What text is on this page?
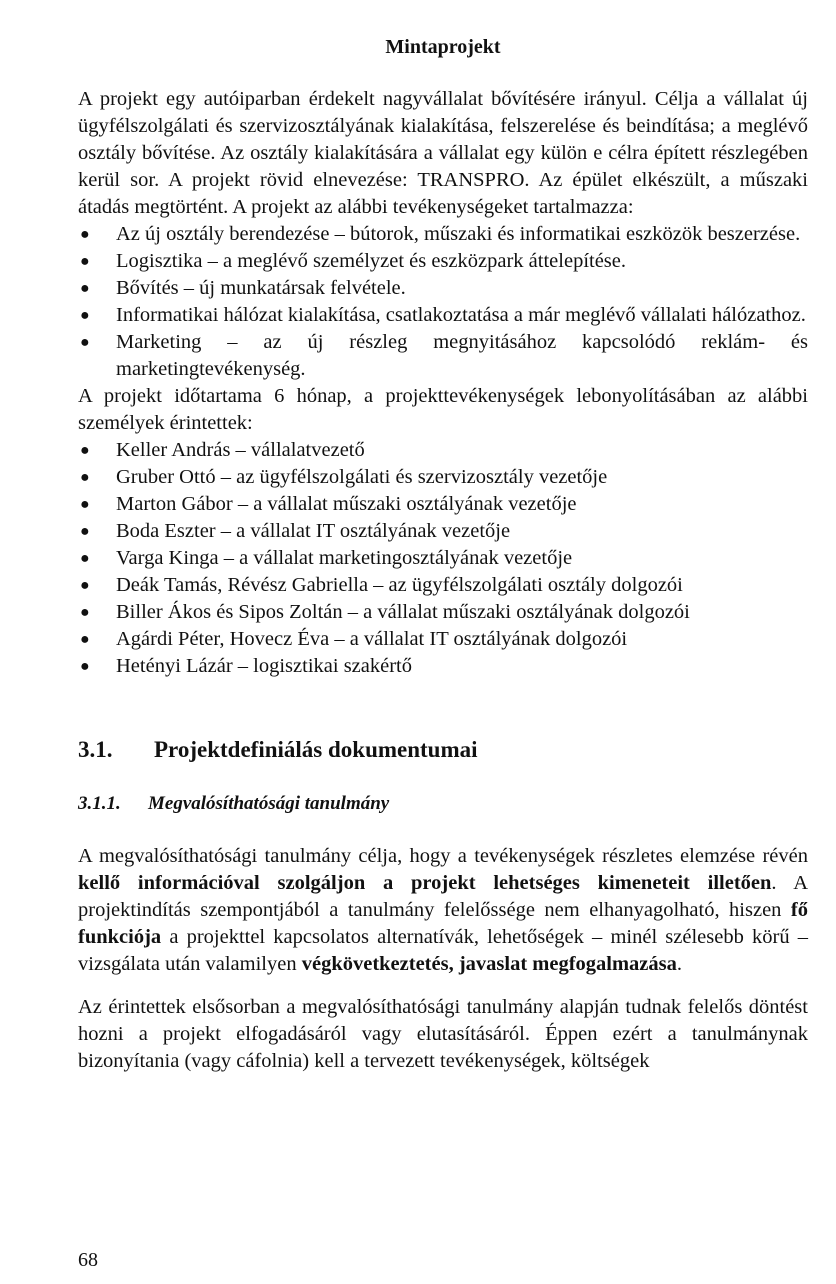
Mintaprojekt

A projekt egy autóiparban érdekelt nagyvállalat bővítésére irányul. Célja a vállalat új ügyfélszolgálati és szervizosztályának kialakítása, felszerelése és beindítása; a meglévő osztály bővítése. Az osztály kialakítására a vállalat egy külön e célra épített részlegében kerül sor. A projekt rövid elnevezése: TRANSPRO. Az épület elkészült, a műszaki átadás megtörtént. A projekt az alábbi tevékenységeket tartalmazza:

● Az új osztály berendezése – bútorok, műszaki és informatikai eszközök beszerzése.
● Logisztika – a meglévő személyzet és eszközpark áttelepítése.
● Bővítés – új munkatársak felvétele.
● Informatikai hálózat kialakítása, csatlakoztatása a már meglévő vállalati hálózathoz.
● Marketing – az új részleg megnyitásához kapcsolódó reklám- és marketingtevékenység.

A projekt időtartama 6 hónap, a projekttevékenységek lebonyolításában az alábbi személyek érintettek:

● Keller András – vállalatvezető
● Gruber Ottó – az ügyfélszolgálati és szervizosztály vezetője
● Marton Gábor – a vállalat műszaki osztályának vezetője
● Boda Eszter – a vállalat IT osztályának vezetője
● Varga Kinga – a vállalat marketingosztályának vezetője
● Deák Tamás, Révész Gabriella – az ügyfélszolgálati osztály dolgozói
● Biller Ákos és Sipos Zoltán – a vállalat műszaki osztályának dolgozói
● Agárdi Péter, Hovecz Éva – a vállalat IT osztályának dolgozói
● Hetényi Lázár – logisztikai szakértő
3.1.	Projektdefiniálás dokumentumai
3.1.1.	Megvalósíthatósági tanulmány

A megvalósíthatósági tanulmány célja, hogy a tevékenységek részletes elemzése révén kellő információval szolgáljon a projekt lehetséges kimeneteit illetően. A projektindítás szempontjából a tanulmány felelőssége nem elhanyagolható, hiszen fő funkciója a projekttel kapcsolatos alternatívák, lehetőségek – minél szélesebb körű – vizsgálata után valamilyen végkövetkeztetés, javaslat megfogalmazása.

Az érintettek elsősorban a megvalósíthatósági tanulmány alapján tudnak felelős döntést hozni a projekt elfogadásáról vagy elutasításáról. Éppen ezért a tanulmánynak bizonyítania (vagy cáfolnia) kell a tervezett tevékenységek, költségek

68
